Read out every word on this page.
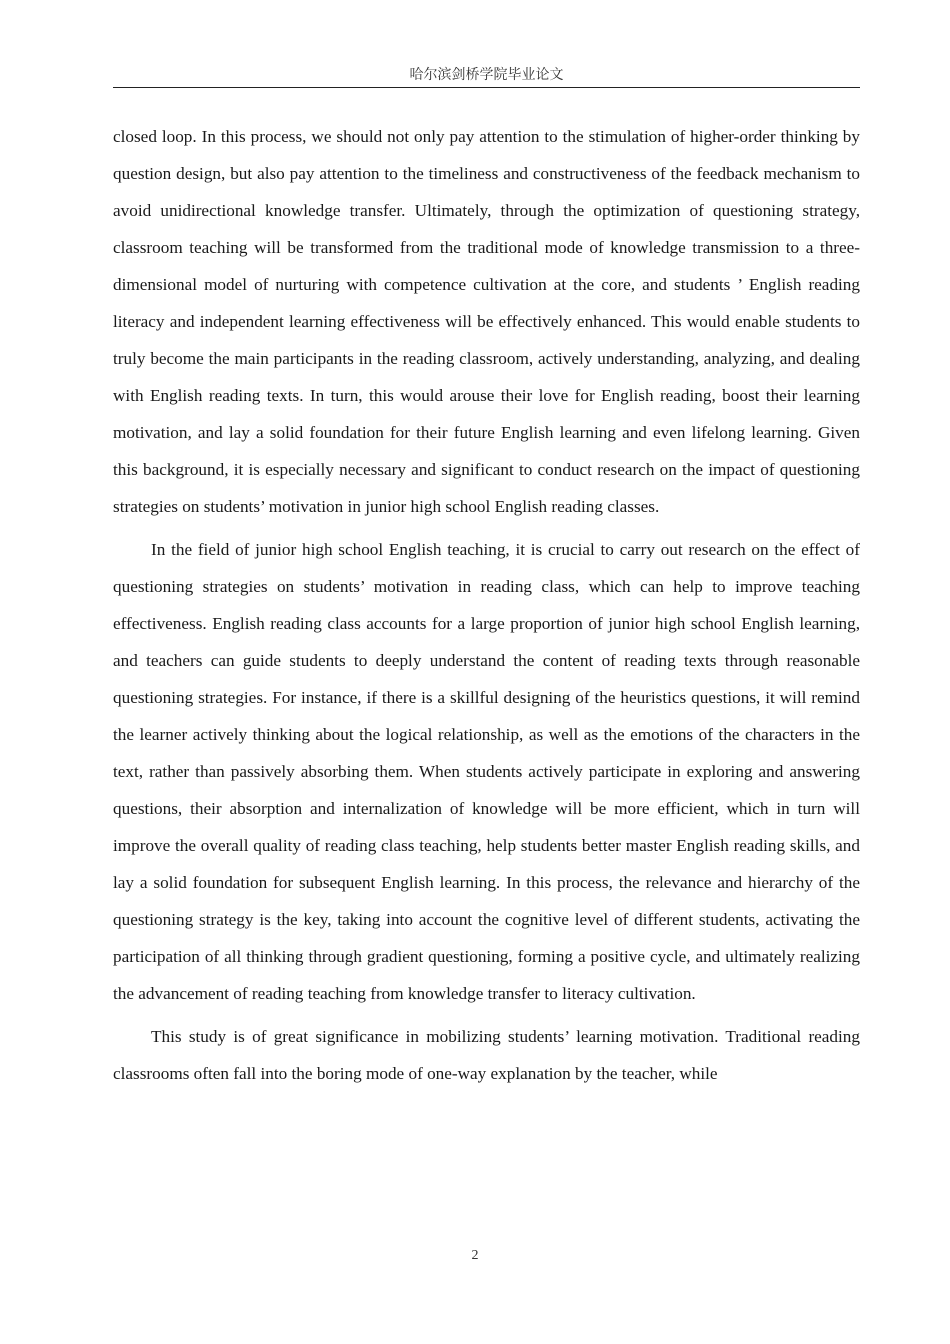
哈尔滨剑桥学院毕业论文

closed loop. In this process, we should not only pay attention to the stimulation of higher-order thinking by question design, but also pay attention to the timeliness and constructiveness of the feedback mechanism to avoid unidirectional knowledge transfer. Ultimately, through the optimization of questioning strategy, classroom teaching will be transformed from the traditional mode of knowledge transmission to a three-dimensional model of nurturing with competence cultivation at the core, and students ’ English reading literacy and independent learning effectiveness will be effectively enhanced. This would enable students to truly become the main participants in the reading classroom, actively understanding, analyzing, and dealing with English reading texts. In turn, this would arouse their love for English reading, boost their learning motivation, and lay a solid foundation for their future English learning and even lifelong learning. Given this background, it is especially necessary and significant to conduct research on the impact of questioning strategies on students’ motivation in junior high school English reading classes.

In the field of junior high school English teaching, it is crucial to carry out research on the effect of questioning strategies on students’ motivation in reading class, which can help to improve teaching effectiveness. English reading class accounts for a large proportion of junior high school English learning, and teachers can guide students to deeply understand the content of reading texts through reasonable questioning strategies. For instance, if there is a skillful designing of the heuristics questions, it will remind the learner actively thinking about the logical relationship, as well as the emotions of the characters in the text, rather than passively absorbing them. When students actively participate in exploring and answering questions, their absorption and internalization of knowledge will be more efficient, which in turn will improve the overall quality of reading class teaching, help students better master English reading skills, and lay a solid foundation for subsequent English learning. In this process, the relevance and hierarchy of the questioning strategy is the key, taking into account the cognitive level of different students, activating the participation of all thinking through gradient questioning, forming a positive cycle, and ultimately realizing the advancement of reading teaching from knowledge transfer to literacy cultivation.

This study is of great significance in mobilizing students’ learning motivation. Traditional reading classrooms often fall into the boring mode of one-way explanation by the teacher, while

2
